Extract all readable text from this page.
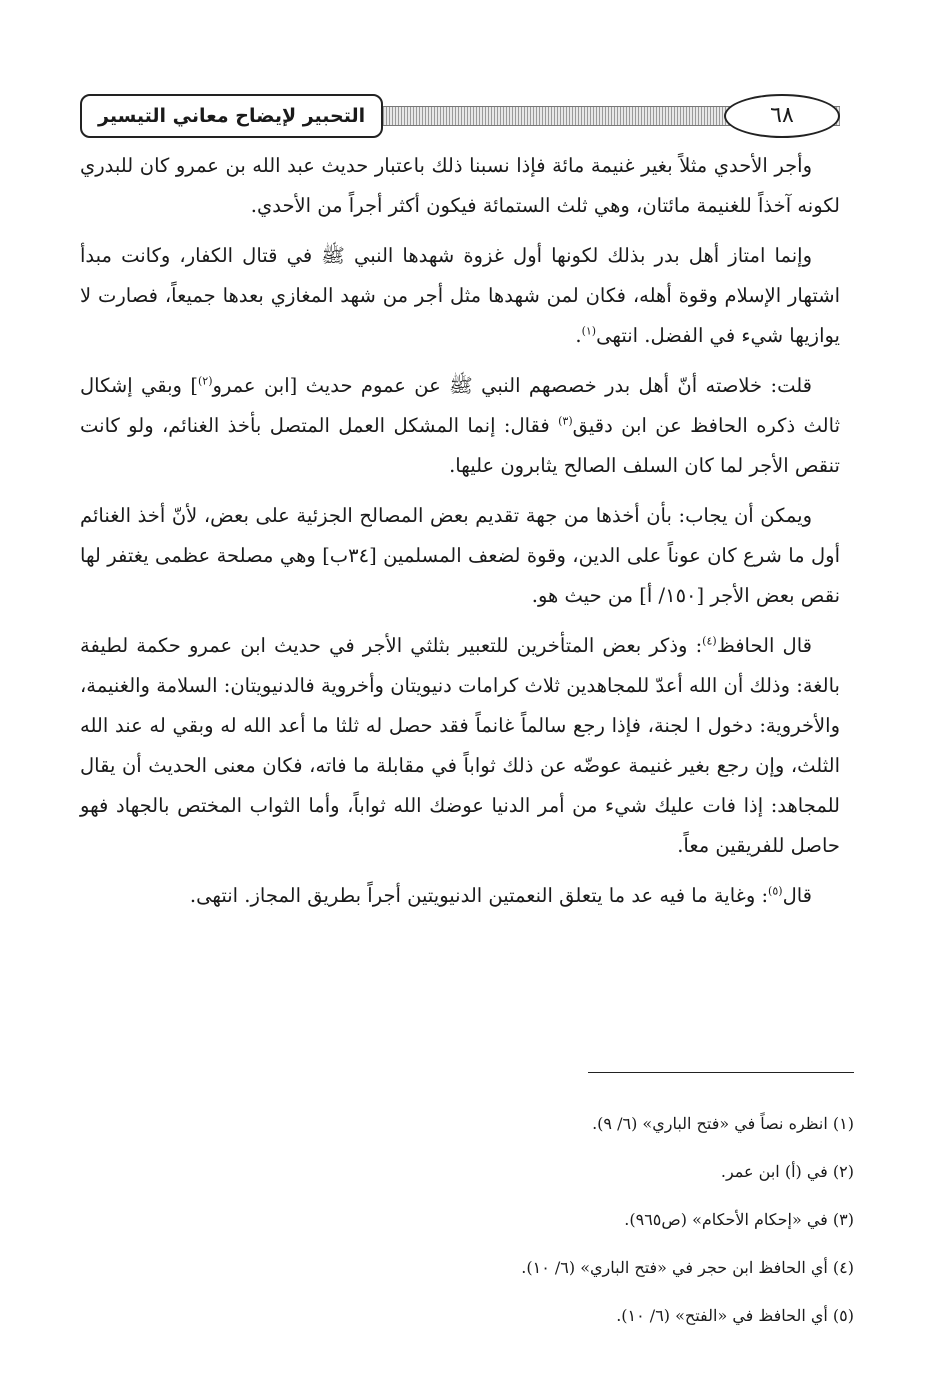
التحبير لإيضاح معاني التيسير	٦٨

وأجر الأحدي مثلاً بغير غنيمة مائة فإذا نسبنا ذلك باعتبار حديث عبد الله بن عمرو كان للبدري لكونه آخذاً للغنيمة مائتان، وهي ثلث الستمائة فيكون أكثر أجراً من الأحدي.

وإنما امتاز أهل بدر بذلك لكونها أول غزوة شهدها النبي ﷺ في قتال الكفار، وكانت مبدأ اشتهار الإسلام وقوة أهله، فكان لمن شهدها مثل أجر من شهد المغازي بعدها جميعاً، فصارت لا يوازيها شيء في الفضل. انتهى$^{(١)}$.

قلت: خلاصته أنّ أهل بدر خصصهم النبي ﷺ عن عموم حديث [ابن عمرو$^{(٢)}$] وبقي إشكال ثالث ذكره الحافظ عن ابن دقيق$^{(٣)}$ فقال: إنما المشكل العمل المتصل بأخذ الغنائم، ولو كانت تنقص الأجر لما كان السلف الصالح يثابرون عليها.

ويمكن أن يجاب: بأن أخذها من جهة تقديم بعض المصالح الجزئية على بعض، لأنّ أخذ الغنائم أول ما شرع كان عوناً على الدين، وقوة لضعف المسلمين [٣٤ب] وهي مصلحة عظمى يغتفر لها نقص بعض الأجر [١٥٠/ أ] من حيث هو.

قال الحافظ$^{(٤)}$: وذكر بعض المتأخرين للتعبير بثلثي الأجر في حديث ابن عمرو حكمة لطيفة بالغة: وذلك أن الله أعدّ للمجاهدين ثلاث كرامات دنيويتان وأخروية فالدنيويتان: السلامة والغنيمة، والأخروية: دخول ا لجنة، فإذا رجع سالماً غانماً فقد حصل له ثلثا ما أعد الله له وبقي له عند الله الثلث، وإن رجع بغير غنيمة عوضّه عن ذلك ثواباً في مقابلة ما فاته، فكان معنى الحديث أن يقال للمجاهد: إذا فات عليك شيء من أمر الدنيا عوضك الله ثواباً، وأما الثواب المختص بالجهاد فهو حاصل للفريقين معاً.

قال$^{(٥)}$: وغاية ما فيه عد ما يتعلق النعمتين الدنيويتين أجراً بطريق المجاز. انتهى.

(١) انظره نصاً في «فتح الباري» (٦/ ٩).
(٢) في (أ) ابن عمر.
(٣) في «إحكام الأحكام» (ص٩٦٥).
(٤) أي الحافظ ابن حجر في «فتح الباري» (٦/ ١٠).
(٥) أي الحافظ في «الفتح» (٦/ ١٠).
